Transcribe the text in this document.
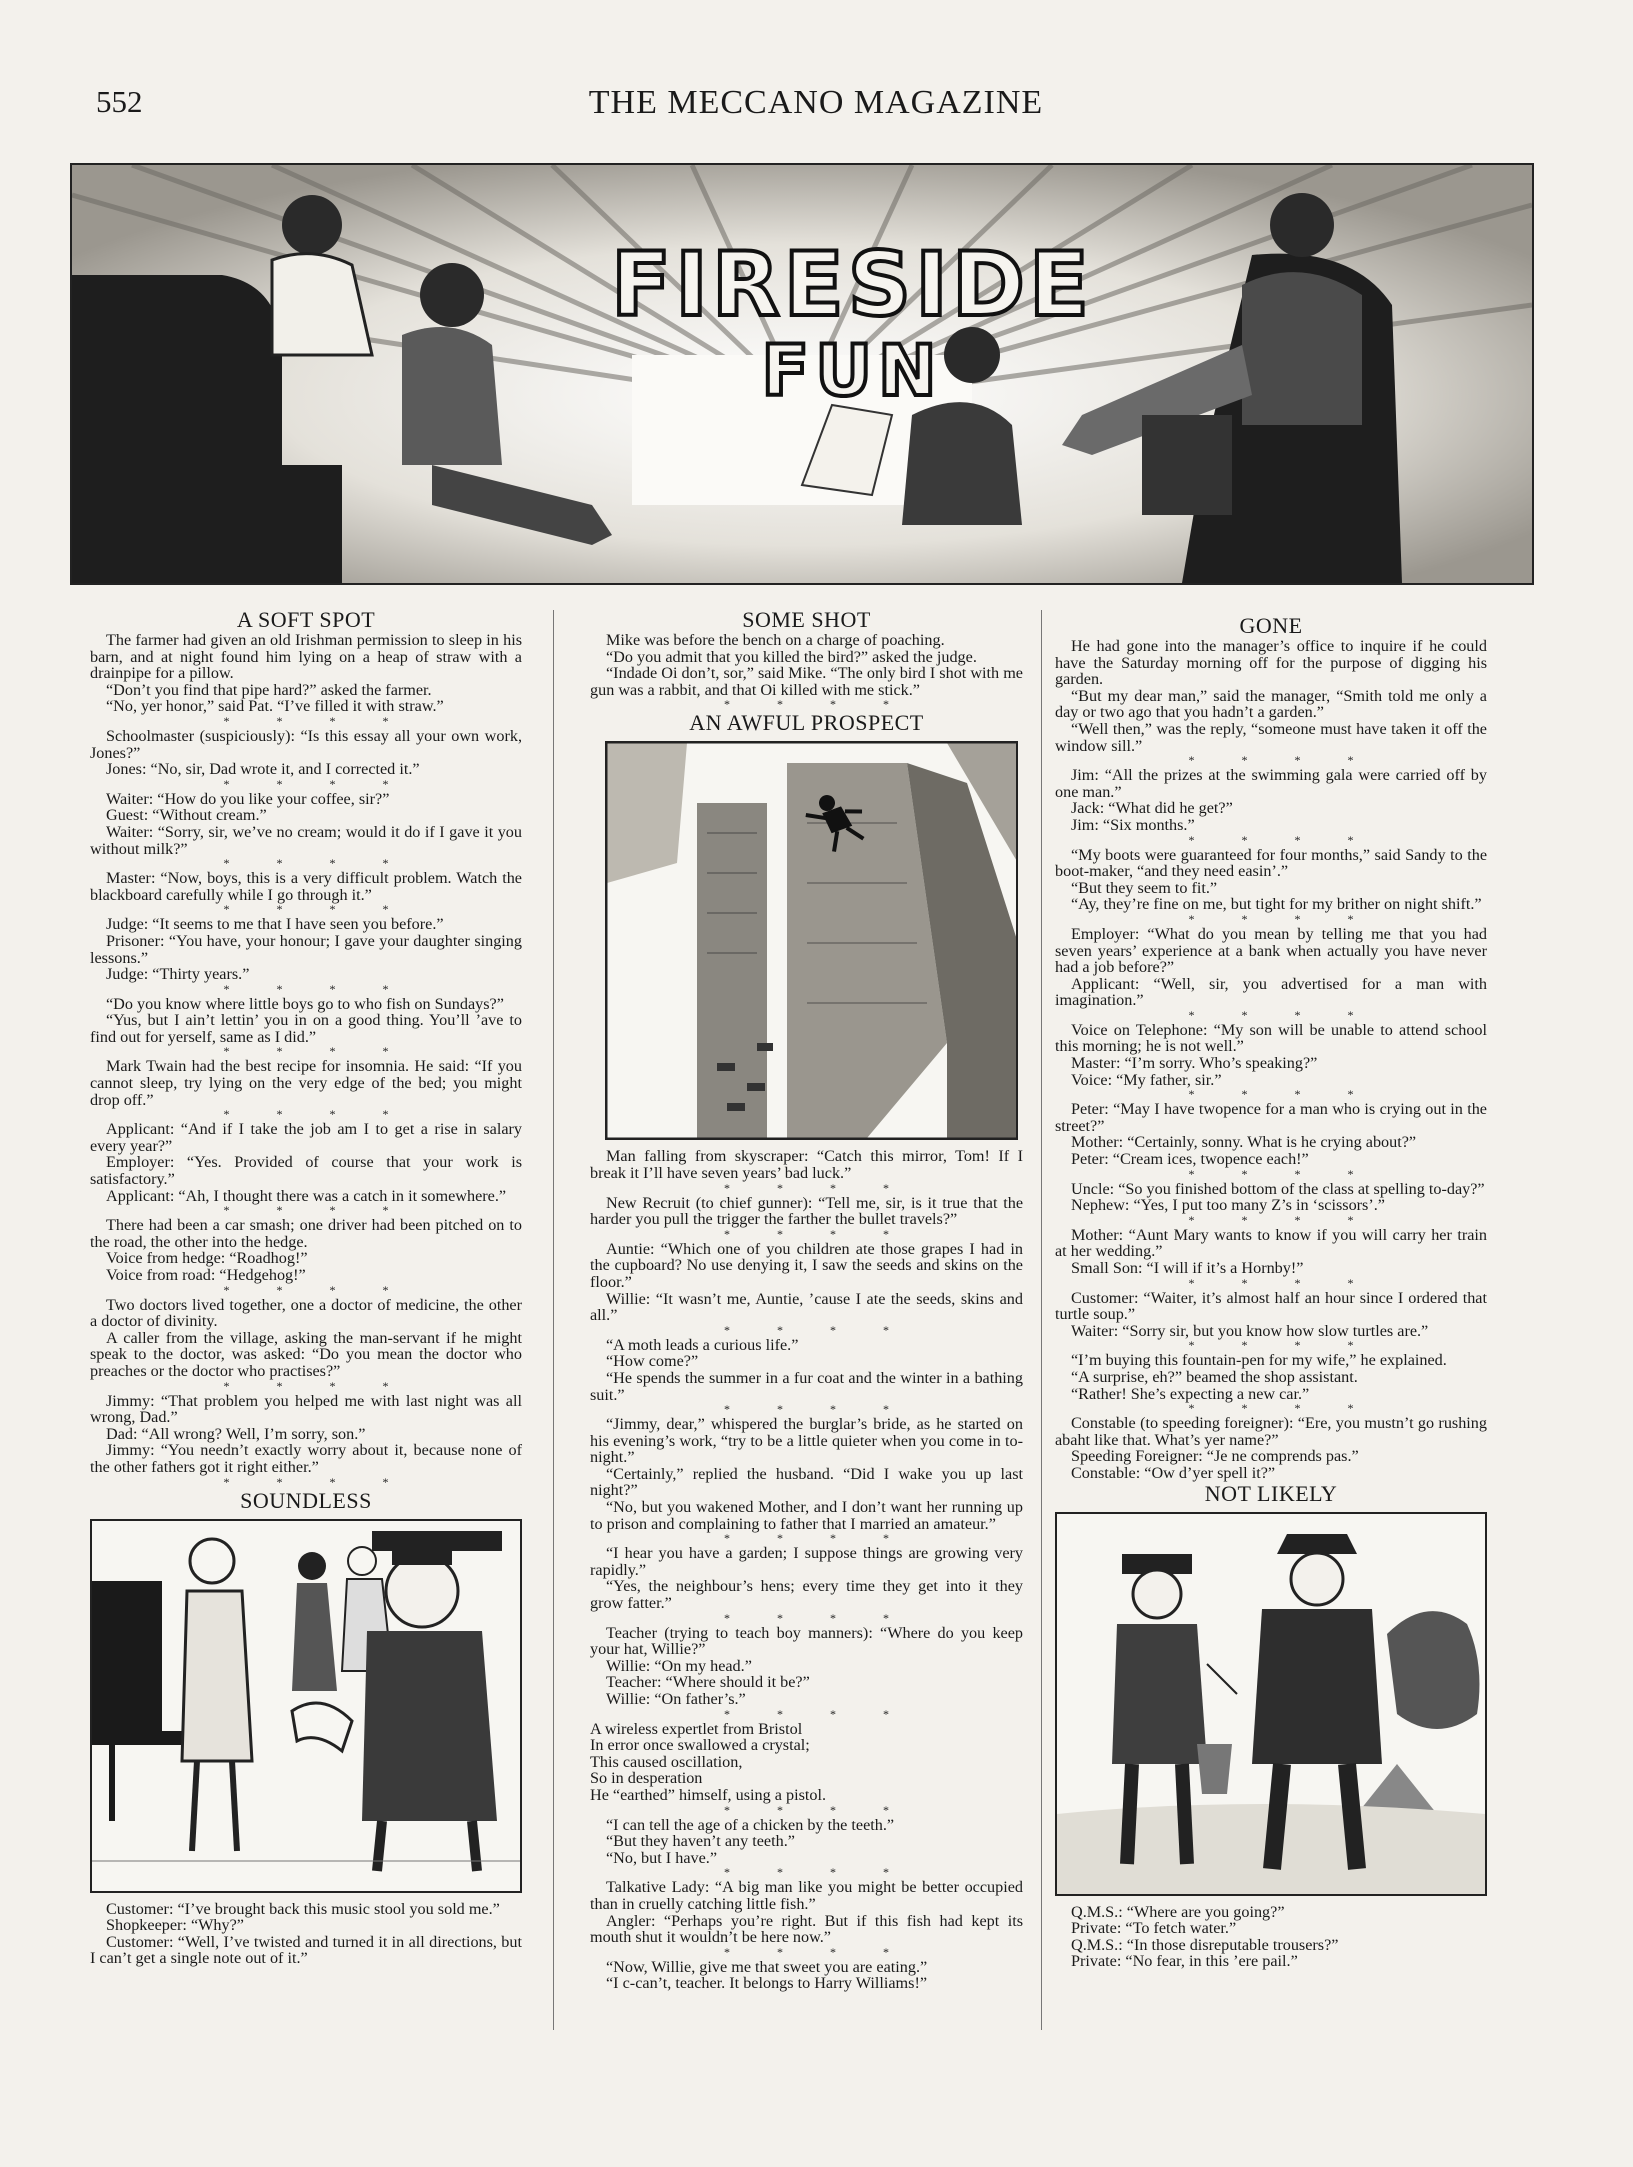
552	THE MECCANO MAGAZINE
FIRESIDE
FUN
A SOFT SPOT

The farmer had given an old Irishman permission to sleep in his barn, and at night found him lying on a heap of straw with a drainpipe for a pillow.

“Don’t you find that pipe hard?” asked the farmer.

“No, yer honor,” said Pat. “I’ve filled it with straw.”

* * * *

Schoolmaster (suspiciously): “Is this essay all your own work, Jones?”

Jones: “No, sir, Dad wrote it, and I corrected it.”

* * * *

Waiter: “How do you like your coffee, sir?”

Guest: “Without cream.”

Waiter: “Sorry, sir, we’ve no cream; would it do if I gave it you without milk?”

* * * *

Master: “Now, boys, this is a very difficult problem. Watch the blackboard carefully while I go through it.”

* * * *

Judge: “It seems to me that I have seen you before.”

Prisoner: “You have, your honour; I gave your daughter singing lessons.”

Judge: “Thirty years.”

* * * *

“Do you know where little boys go to who fish on Sundays?”

“Yus, but I ain’t lettin’ you in on a good thing. You’ll ’ave to find out for yerself, same as I did.”

* * * *

Mark Twain had the best recipe for insomnia. He said: “If you cannot sleep, try lying on the very edge of the bed; you might drop off.”

* * * *

Applicant: “And if I take the job am I to get a rise in salary every year?”

Employer: “Yes. Provided of course that your work is satisfactory.”

Applicant: “Ah, I thought there was a catch in it somewhere.”

* * * *

There had been a car smash; one driver had been pitched on to the road, the other into the hedge.

Voice from hedge: “Roadhog!”

Voice from road: “Hedgehog!”

* * * *

Two doctors lived together, one a doctor of medicine, the other a doctor of divinity.

A caller from the village, asking the man-servant if he might speak to the doctor, was asked: “Do you mean the doctor who preaches or the doctor who practises?”

* * * *

Jimmy: “That problem you helped me with last night was all wrong, Dad.”

Dad: “All wrong? Well, I’m sorry, son.”

Jimmy: “You needn’t exactly worry about it, because none of the other fathers got it right either.”

* * * *
SOUNDLESS

Customer: “I’ve brought back this music stool you sold me.”

Shopkeeper: “Why?”

Customer: “Well, I’ve twisted and turned it in all directions, but I can’t get a single note out of it.”

SOME SHOT

Mike was before the bench on a charge of poaching.

“Do you admit that you killed the bird?” asked the judge.

“Indade Oi don’t, sor,” said Mike. “The only bird I shot with me gun was a rabbit, and that Oi killed with me stick.”

* * * *
AN AWFUL PROSPECT

Man falling from skyscraper: “Catch this mirror, Tom! If I break it I’ll have seven years’ bad luck.”

* * * *

New Recruit (to chief gunner): “Tell me, sir, is it true that the harder you pull the trigger the farther the bullet travels?”

* * * *

Auntie: “Which one of you children ate those grapes I had in the cupboard? No use denying it, I saw the seeds and skins on the floor.”

Willie: “It wasn’t me, Auntie, ’cause I ate the seeds, skins and all.”

* * * *

“A moth leads a curious life.”

“How come?”

“He spends the summer in a fur coat and the winter in a bathing suit.”

* * * *

“Jimmy, dear,” whispered the burglar’s bride, as he started on his evening’s work, “try to be a little quieter when you come in to-night.”

“Certainly,” replied the husband. “Did I wake you up last night?”

“No, but you wakened Mother, and I don’t want her running up to prison and complaining to father that I married an amateur.”

* * * *

“I hear you have a garden; I suppose things are growing very rapidly.”

“Yes, the neighbour’s hens; every time they get into it they grow fatter.”

* * * *

Teacher (trying to teach boy manners): “Where do you keep your hat, Willie?”

Willie: “On my head.”

Teacher: “Where should it be?”

Willie: “On father’s.”

* * * *

A wireless expertlet from Bristol

In error once swallowed a crystal;

This caused oscillation,

So in desperation

He “earthed” himself, using a pistol.

* * * *

“I can tell the age of a chicken by the teeth.”

“But they haven’t any teeth.”

“No, but I have.”

* * * *

Talkative Lady: “A big man like you might be better occupied than in cruelly catching little fish.”

Angler: “Perhaps you’re right. But if this fish had kept its mouth shut it wouldn’t be here now.”

* * * *

“Now, Willie, give me that sweet you are eating.”

“I c-can’t, teacher. It belongs to Harry Williams!”

GONE

He had gone into the manager’s office to inquire if he could have the Saturday morning off for the purpose of digging his garden.

“But my dear man,” said the manager, “Smith told me only a day or two ago that you hadn’t a garden.”

“Well then,” was the reply, “someone must have taken it off the window sill.”

* * * *

Jim: “All the prizes at the swimming gala were carried off by one man.”

Jack: “What did he get?”

Jim: “Six months.”

* * * *

“My boots were guaranteed for four months,” said Sandy to the boot-maker, “and they need easin’.”

“But they seem to fit.”

“Ay, they’re fine on me, but tight for my brither on night shift.”

* * * *

Employer: “What do you mean by telling me that you had seven years’ experience at a bank when actually you have never had a job before?”

Applicant: “Well, sir, you advertised for a man with imagination.”

* * * *

Voice on Telephone: “My son will be unable to attend school this morning; he is not well.”

Master: “I’m sorry. Who’s speaking?”

Voice: “My father, sir.”

* * * *

Peter: “May I have twopence for a man who is crying out in the street?”

Mother: “Certainly, sonny. What is he crying about?”

Peter: “Cream ices, twopence each!”

* * * *

Uncle: “So you finished bottom of the class at spelling to-day?”

Nephew: “Yes, I put too many Z’s in ‘scissors’.”

* * * *

Mother: “Aunt Mary wants to know if you will carry her train at her wedding.”

Small Son: “I will if it’s a Hornby!”

* * * *

Customer: “Waiter, it’s almost half an hour since I ordered that turtle soup.”

Waiter: “Sorry sir, but you know how slow turtles are.”

* * * *

“I’m buying this fountain-pen for my wife,” he explained.

“A surprise, eh?” beamed the shop assistant.

“Rather! She’s expecting a new car.”

* * * *

Constable (to speeding foreigner): “Ere, you mustn’t go rushing abaht like that. What’s yer name?”

Speeding Foreigner: “Je ne comprends pas.”

Constable: “Ow d’yer spell it?”

NOT LIKELY

Q.M.S.: “Where are you going?”

Private: “To fetch water.”

Q.M.S.: “In those disreputable trousers?”

Private: “No fear, in this ’ere pail.”
